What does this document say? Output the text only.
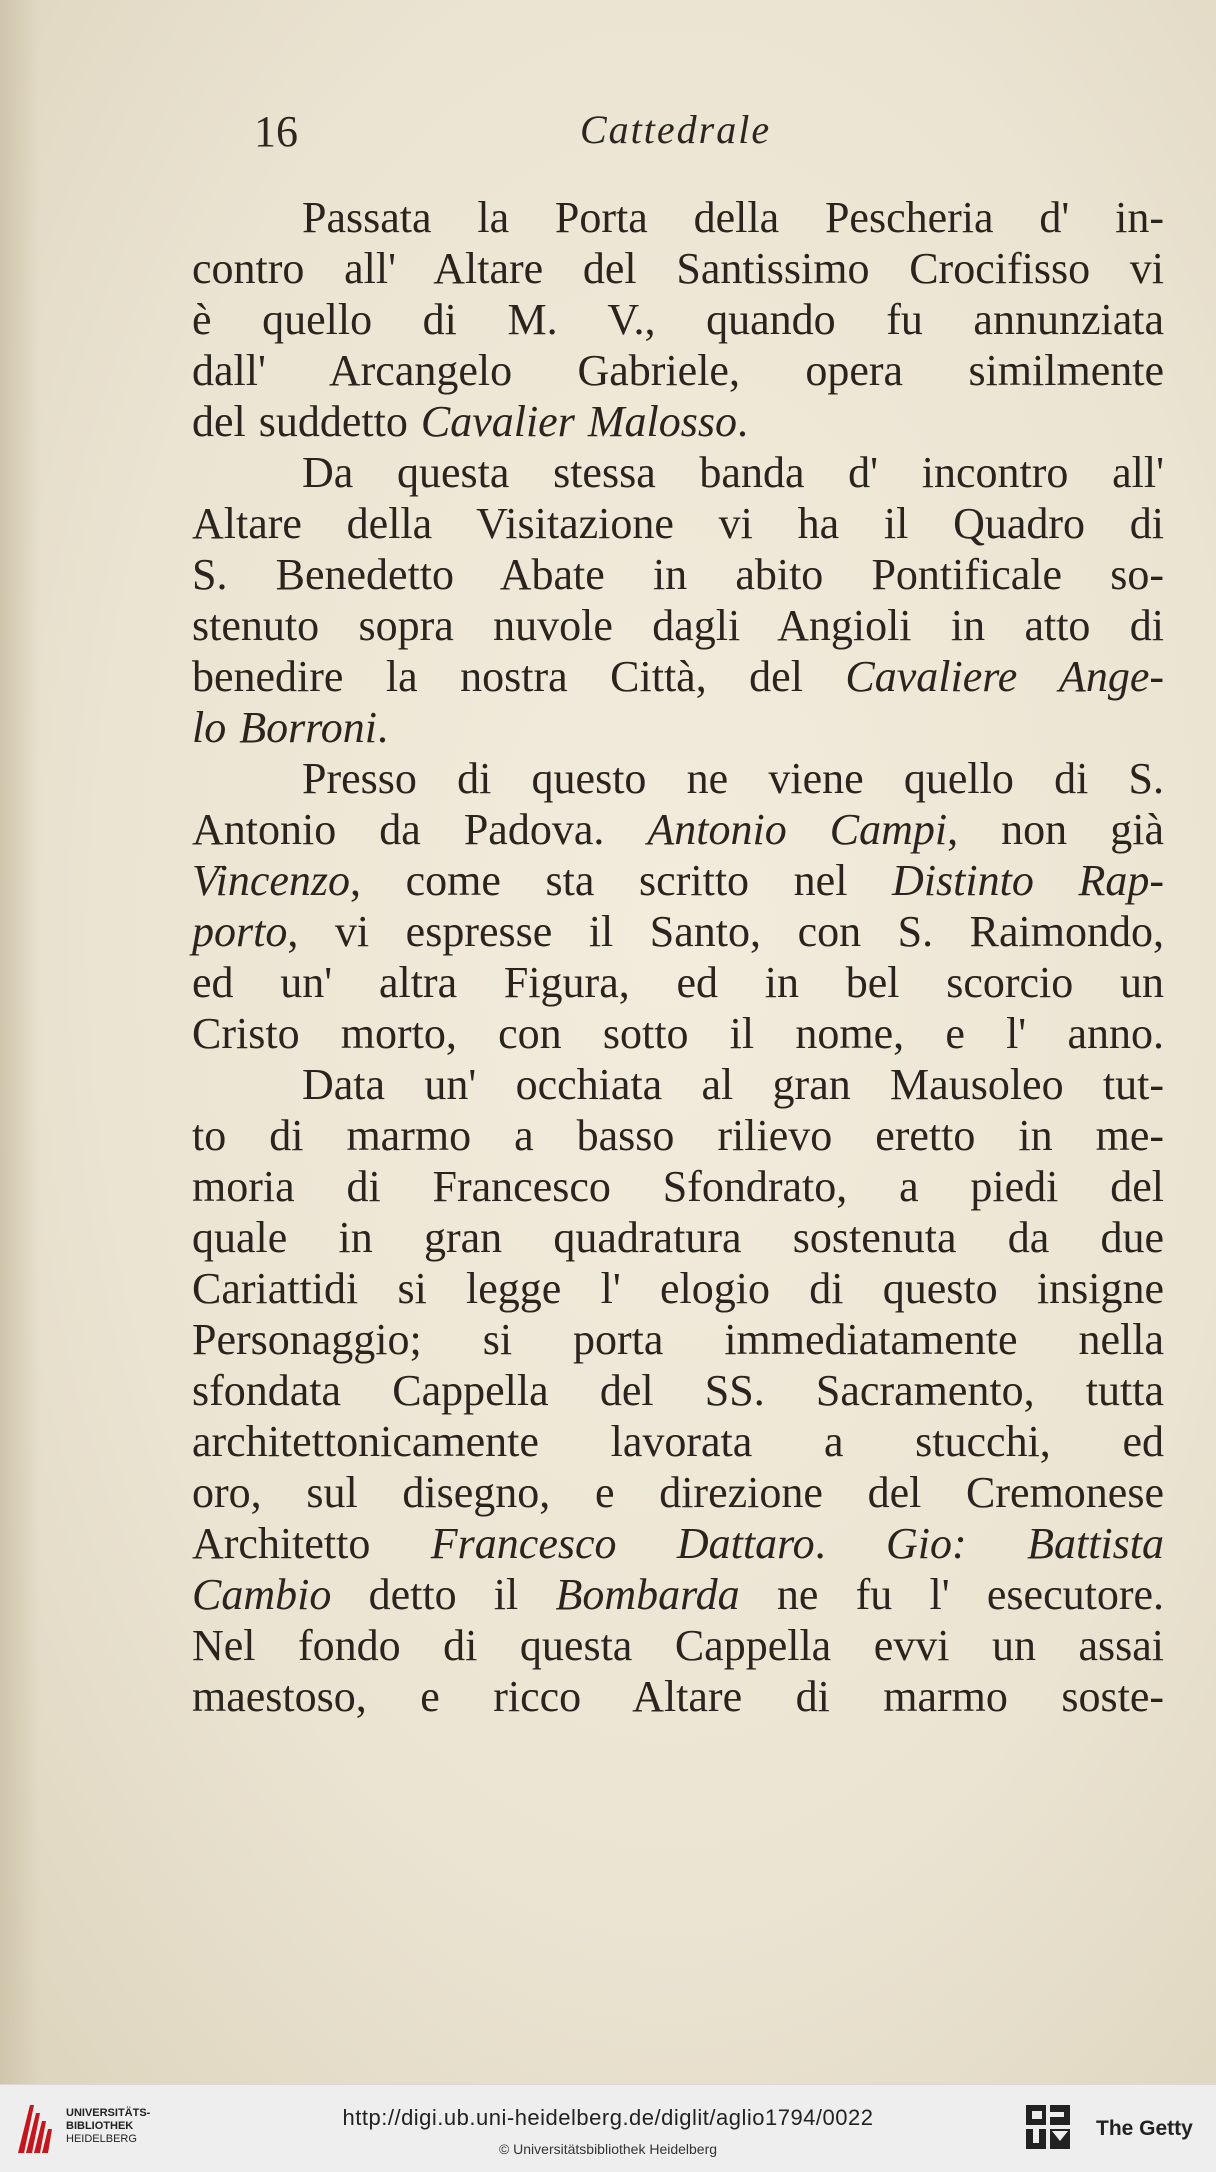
16	Cattedrale
Passata la Porta della Pescheria d' in-
contro all' Altare del Santissimo Crocifisso vi
è quello di M. V., quando fu annunziata
dall' Arcangelo Gabriele, opera similmente
del suddetto Cavalier Malosso.
Da questa stessa banda d' incontro all'
Altare della Visitazione vi ha il Quadro di
S. Benedetto Abate in abito Pontificale so-
stenuto sopra nuvole dagli Angioli in atto di
benedire la nostra Città, del Cavaliere Ange-
lo Borroni.
Presso di questo ne viene quello di S.
Antonio da Padova. Antonio Campi, non già
Vincenzo, come sta scritto nel Distinto Rap-
porto, vi espresse il Santo, con S. Raimondo,
ed un' altra Figura, ed in bel scorcio un
Cristo morto, con sotto il nome, e l' anno.
Data un' occhiata al gran Mausoleo tut-
to di marmo a basso rilievo eretto in me-
moria di Francesco Sfondrato, a piedi del
quale in gran quadratura sostenuta da due
Cariattidi si legge l' elogio di questo insigne
Personaggio; si porta immediatamente nella
sfondata Cappella del SS. Sacramento, tutta
architettonicamente lavorata a stucchi, ed
oro, sul disegno, e direzione del Cremonese
Architetto Francesco Dattaro. Gio: Battista
Cambio detto il Bombarda ne fu l' esecutore.
Nel fondo di questa Cappella evvi un assai
maestoso, e ricco Altare di marmo soste-
UNIVERSITÄTS-
BIBLIOTHEK
HEIDELBERG
http://digi.ub.uni-heidelberg.de/diglit/aglio1794/0022
© Universitätsbibliothek Heidelberg
The Getty
